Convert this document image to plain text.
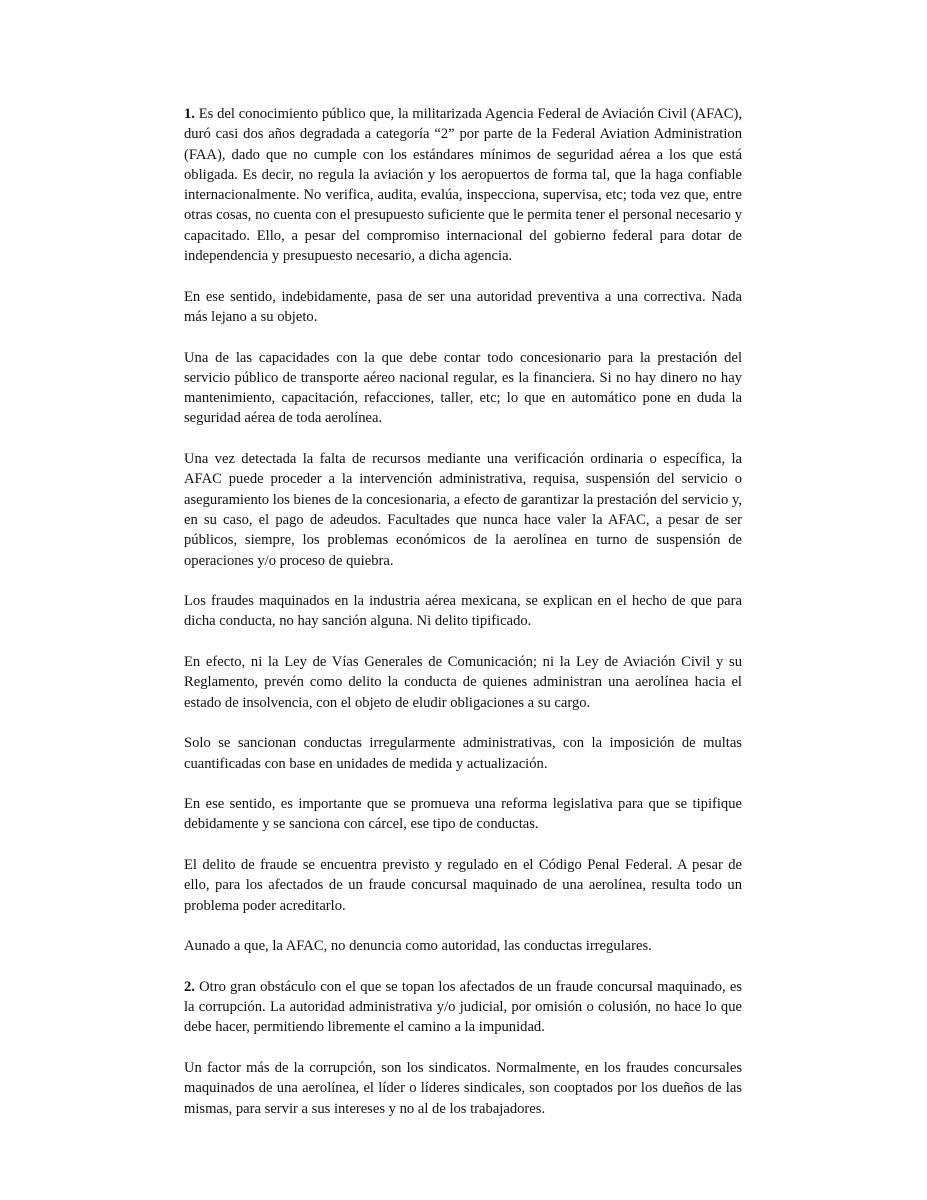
1. Es del conocimiento público que, la militarizada Agencia Federal de Aviación Civil (AFAC), duró casi dos años degradada a categoría “2” por parte de la Federal Aviation Administration (FAA), dado que no cumple con los estándares mínimos de seguridad aérea a los que está obligada. Es decir, no regula la aviación y los aeropuertos de forma tal, que la haga confiable internacionalmente. No verifica, audita, evalúa, inspecciona, supervisa, etc; toda vez que, entre otras cosas, no cuenta con el presupuesto suficiente que le permita tener el personal necesario y capacitado. Ello, a pesar del compromiso internacional del gobierno federal para dotar de independencia y presupuesto necesario, a dicha agencia.

En ese sentido, indebidamente, pasa de ser una autoridad preventiva a una correctiva. Nada más lejano a su objeto.

Una de las capacidades con la que debe contar todo concesionario para la prestación del servicio público de transporte aéreo nacional regular, es la financiera. Si no hay dinero no hay mantenimiento, capacitación, refacciones, taller, etc; lo que en automático pone en duda la seguridad aérea de toda aerolínea.

Una vez detectada la falta de recursos mediante una verificación ordinaria o específica, la AFAC puede proceder a la intervención administrativa, requisa, suspensión del servicio o aseguramiento los bienes de la concesionaria, a efecto de garantizar la prestación del servicio y, en su caso, el pago de adeudos. Facultades que nunca hace valer la AFAC, a pesar de ser públicos, siempre, los problemas económicos de la aerolínea en turno de suspensión de operaciones y/o proceso de quiebra.

Los fraudes maquinados en la industria aérea mexicana, se explican en el hecho de que para dicha conducta, no hay sanción alguna. Ni delito tipificado.

En efecto, ni la Ley de Vías Generales de Comunicación; ni la Ley de Aviación Civil y su Reglamento, prevén como delito la conducta de quienes administran una aerolínea hacia el estado de insolvencia, con el objeto de eludir obligaciones a su cargo.

Solo se sancionan conductas irregularmente administrativas, con la imposición de multas cuantificadas con base en unidades de medida y actualización.

En ese sentido, es importante que se promueva una reforma legislativa para que se tipifique debidamente y se sanciona con cárcel, ese tipo de conductas.

El delito de fraude se encuentra previsto y regulado en el Código Penal Federal. A pesar de ello, para los afectados de un fraude concursal maquinado de una aerolínea, resulta todo un problema poder acreditarlo.

Aunado a que, la AFAC, no denuncia como autoridad, las conductas irregulares.

2. Otro gran obstáculo con el que se topan los afectados de un fraude concursal maquinado, es la corrupción. La autoridad administrativa y/o judicial, por omisión o colusión, no hace lo que debe hacer, permitiendo libremente el camino a la impunidad.

Un factor más de la corrupción, son los sindicatos. Normalmente, en los fraudes concursales maquinados de una aerolínea, el líder o líderes sindicales, son cooptados por los dueños de las mismas, para servir a sus intereses y no al de los trabajadores.
